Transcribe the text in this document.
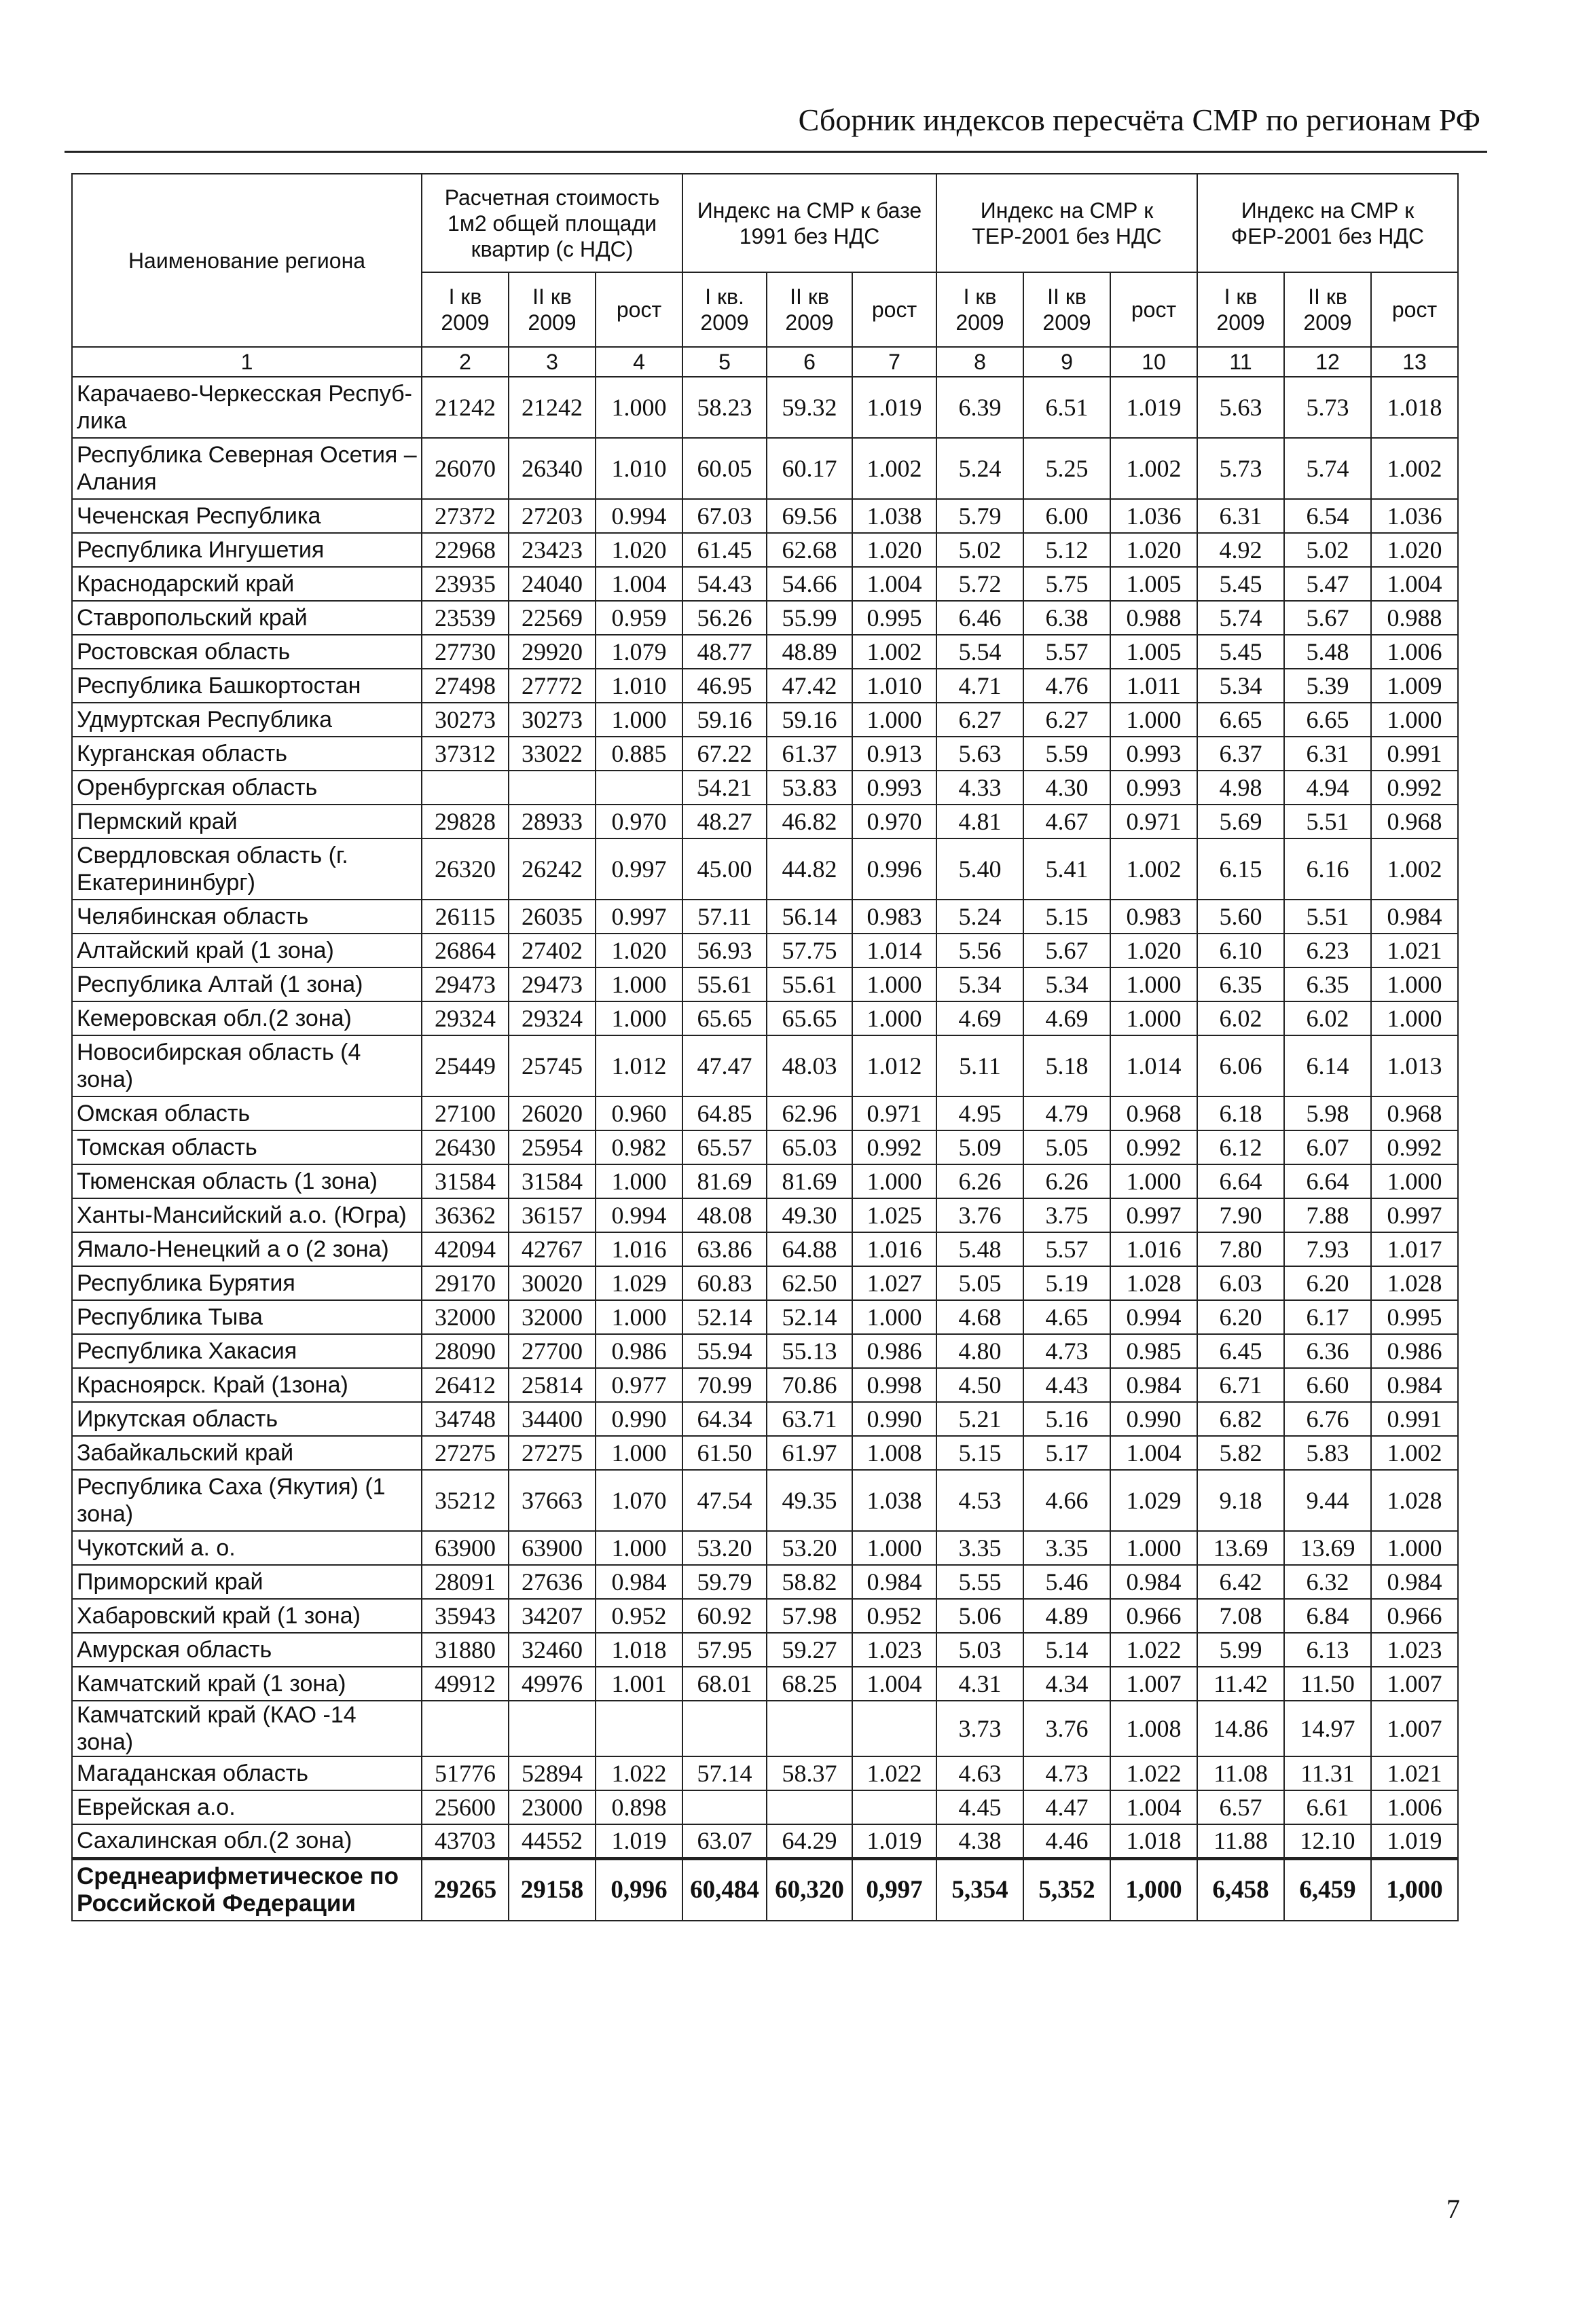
Сборник индексов пересчёта СМР по регионам РФ
Наименование региона	Расчетная стоимость 1м2 общей площади квартир (с НДС)			Индекс на СМР к базе 1991 без НДС			Индекс на СМР к ТЕР-2001 без НДС			Индекс на СМР к ФЕР-2001 без НДС		
	I кв 2009	II кв 2009	рост	I кв. 2009	II кв 2009	рост	I кв 2009	II кв 2009	рост	I кв 2009	II кв 2009	рост
1	2	3	4	5	6	7	8	9	10	11	12	13
Карачаево-Черкесская Респуб-лика	21242	21242	1.000	58.23	59.32	1.019	6.39	6.51	1.019	5.63	5.73	1.018
Республика Северная Осетия – Алания	26070	26340	1.010	60.05	60.17	1.002	5.24	5.25	1.002	5.73	5.74	1.002
Чеченская Республика	27372	27203	0.994	67.03	69.56	1.038	5.79	6.00	1.036	6.31	6.54	1.036
Республика Ингушетия	22968	23423	1.020	61.45	62.68	1.020	5.02	5.12	1.020	4.92	5.02	1.020
Краснодарский край	23935	24040	1.004	54.43	54.66	1.004	5.72	5.75	1.005	5.45	5.47	1.004
Ставропольский край	23539	22569	0.959	56.26	55.99	0.995	6.46	6.38	0.988	5.74	5.67	0.988
Ростовская область	27730	29920	1.079	48.77	48.89	1.002	5.54	5.57	1.005	5.45	5.48	1.006
Республика Башкортостан	27498	27772	1.010	46.95	47.42	1.010	4.71	4.76	1.011	5.34	5.39	1.009
Удмуртская Республика	30273	30273	1.000	59.16	59.16	1.000	6.27	6.27	1.000	6.65	6.65	1.000
Курганская область	37312	33022	0.885	67.22	61.37	0.913	5.63	5.59	0.993	6.37	6.31	0.991
Оренбургская область				54.21	53.83	0.993	4.33	4.30	0.993	4.98	4.94	0.992
Пермский край	29828	28933	0.970	48.27	46.82	0.970	4.81	4.67	0.971	5.69	5.51	0.968
Свердловская область (г. Екатерининбург)	26320	26242	0.997	45.00	44.82	0.996	5.40	5.41	1.002	6.15	6.16	1.002
Челябинская область	26115	26035	0.997	57.11	56.14	0.983	5.24	5.15	0.983	5.60	5.51	0.984
Алтайский край (1 зона)	26864	27402	1.020	56.93	57.75	1.014	5.56	5.67	1.020	6.10	6.23	1.021
Республика Алтай (1 зона)	29473	29473	1.000	55.61	55.61	1.000	5.34	5.34	1.000	6.35	6.35	1.000
Кемеровская обл.(2 зона)	29324	29324	1.000	65.65	65.65	1.000	4.69	4.69	1.000	6.02	6.02	1.000
Новосибирская область (4 зона)	25449	25745	1.012	47.47	48.03	1.012	5.11	5.18	1.014	6.06	6.14	1.013
Омская область	27100	26020	0.960	64.85	62.96	0.971	4.95	4.79	0.968	6.18	5.98	0.968
Томская область	26430	25954	0.982	65.57	65.03	0.992	5.09	5.05	0.992	6.12	6.07	0.992
Тюменская область (1 зона)	31584	31584	1.000	81.69	81.69	1.000	6.26	6.26	1.000	6.64	6.64	1.000
Ханты-Мансийский а.о. (Югра)	36362	36157	0.994	48.08	49.30	1.025	3.76	3.75	0.997	7.90	7.88	0.997
Ямало-Ненецкий а о (2 зона)	42094	42767	1.016	63.86	64.88	1.016	5.48	5.57	1.016	7.80	7.93	1.017
Республика Бурятия	29170	30020	1.029	60.83	62.50	1.027	5.05	5.19	1.028	6.03	6.20	1.028
Республика Тыва	32000	32000	1.000	52.14	52.14	1.000	4.68	4.65	0.994	6.20	6.17	0.995
Республика Хакасия	28090	27700	0.986	55.94	55.13	0.986	4.80	4.73	0.985	6.45	6.36	0.986
Красноярск. Край (1зона)	26412	25814	0.977	70.99	70.86	0.998	4.50	4.43	0.984	6.71	6.60	0.984
Иркутская область	34748	34400	0.990	64.34	63.71	0.990	5.21	5.16	0.990	6.82	6.76	0.991
Забайкальский край	27275	27275	1.000	61.50	61.97	1.008	5.15	5.17	1.004	5.82	5.83	1.002
Республика Саха (Якутия) (1 зона)	35212	37663	1.070	47.54	49.35	1.038	4.53	4.66	1.029	9.18	9.44	1.028
Чукотский а. о.	63900	63900	1.000	53.20	53.20	1.000	3.35	3.35	1.000	13.69	13.69	1.000
Приморский край	28091	27636	0.984	59.79	58.82	0.984	5.55	5.46	0.984	6.42	6.32	0.984
Хабаровский край (1 зона)	35943	34207	0.952	60.92	57.98	0.952	5.06	4.89	0.966	7.08	6.84	0.966
Амурская область	31880	32460	1.018	57.95	59.27	1.023	5.03	5.14	1.022	5.99	6.13	1.023
Камчатский край (1 зона)	49912	49976	1.001	68.01	68.25	1.004	4.31	4.34	1.007	11.42	11.50	1.007
Камчатский край (КАО -14 зона)							3.73	3.76	1.008	14.86	14.97	1.007
Магаданская область	51776	52894	1.022	57.14	58.37	1.022	4.63	4.73	1.022	11.08	11.31	1.021
Еврейская а.о.	25600	23000	0.898				4.45	4.47	1.004	6.57	6.61	1.006
Сахалинская обл.(2 зона)	43703	44552	1.019	63.07	64.29	1.019	4.38	4.46	1.018	11.88	12.10	1.019
Среднеарифметическое по Российской Федерации	29265	29158	0,996	60,484	60,320	0,997	5,354	5,352	1,000	6,458	6,459	1,000
7
